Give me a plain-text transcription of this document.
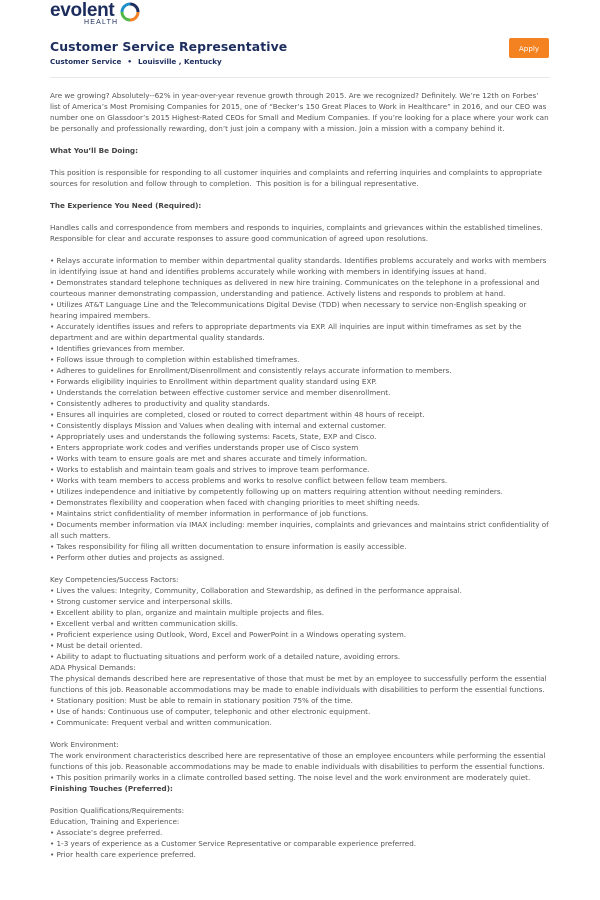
evolent
HEALTH
Customer Service Representative
Customer Service • Louisville , Kentucky
Apply

Are we growing? Absolutely--62% in year-over-year revenue growth through 2015. Are we recognized? Definitely. We’re 12th on Forbes’ list of America’s Most Promising Companies for 2015, one of “Becker’s 150 Great Places to Work in Healthcare” in 2016, and our CEO was number one on Glassdoor’s 2015 Highest-Rated CEOs for Small and Medium Companies. If you’re looking for a place where your work can be personally and professionally rewarding, don’t just join a company with a mission. Join a mission with a company behind it.

What You’ll Be Doing:

This position is responsible for responding to all customer inquiries and complaints and referring inquiries and complaints to appropriate sources for resolution and follow through to completion.  This position is for a bilingual representative.

The Experience You Need (Required):

Handles calls and correspondence from members and responds to inquiries, complaints and grievances within the established timelines. Responsible for clear and accurate responses to assure good communication of agreed upon resolutions.

• Relays accurate information to member within departmental quality standards. Identifies problems accurately and works with members in identifying issue at hand and identifies problems accurately while working with members in identifying issues at hand.

• Demonstrates standard telephone techniques as delivered in new hire training. Communicates on the telephone in a professional and courteous manner demonstrating compassion, understanding and patience. Actively listens and responds to problem at hand.

• Utilizes AT&T Language Line and the Telecommunications Digital Devise (TDD) when necessary to service non-English speaking or hearing impaired members.

• Accurately identifies issues and refers to appropriate departments via EXP. All inquiries are input within timeframes as set by the department and are within departmental quality standards.

• Identifies grievances from member.

• Follows issue through to completion within established timeframes.

• Adheres to guidelines for Enrollment/Disenrollment and consistently relays accurate information to members.

• Forwards eligibility inquiries to Enrollment within department quality standard using EXP.

• Understands the correlation between effective customer service and member disenrollment.

• Consistently adheres to productivity and quality standards.

• Ensures all inquiries are completed, closed or routed to correct department within 48 hours of receipt.

• Consistently displays Mission and Values when dealing with internal and external customer.

• Appropriately uses and understands the following systems: Facets, State, EXP and Cisco.

• Enters appropriate work codes and verifies understands proper use of Cisco system

• Works with team to ensure goals are met and shares accurate and timely information.

• Works to establish and maintain team goals and strives to improve team performance.

• Works with team members to access problems and works to resolve conflict between fellow team members.

• Utilizes independence and initiative by competently following up on matters requiring attention without needing reminders.

• Demonstrates flexibility and cooperation when faced with changing priorities to meet shifting needs.

• Maintains strict confidentiality of member information in performance of job functions.

• Documents member information via IMAX including: member inquiries, complaints and grievances and maintains strict confidentiality of all such matters.

• Takes responsibility for filing all written documentation to ensure information is easily accessible.

• Perform other duties and projects as assigned.

Key Competencies/Success Factors:

• Lives the values: Integrity, Community, Collaboration and Stewardship, as defined in the performance appraisal.

• Strong customer service and interpersonal skills.

• Excellent ability to plan, organize and maintain multiple projects and files.

• Excellent verbal and written communication skills.

• Proficient experience using Outlook, Word, Excel and PowerPoint in a Windows operating system.

• Must be detail oriented.

• Ability to adapt to fluctuating situations and perform work of a detailed nature, avoiding errors.

ADA Physical Demands:

The physical demands described here are representative of those that must be met by an employee to successfully perform the essential functions of this job. Reasonable accommodations may be made to enable individuals with disabilities to perform the essential functions.

• Stationary position: Must be able to remain in stationary position 75% of the time.

• Use of hands: Continuous use of computer, telephonic and other electronic equipment.

• Communicate: Frequent verbal and written communication.

Work Environment:

The work environment characteristics described here are representative of those an employee encounters while performing the essential functions of this job. Reasonable accommodations may be made to enable individuals with disabilities to perform the essential functions.

• This position primarily works in a climate controlled based setting. The noise level and the work environment are moderately quiet.

Finishing Touches (Preferred):

Position Qualifications/Requirements:

Education, Training and Experience:

• Associate’s degree preferred.

• 1-3 years of experience as a Customer Service Representative or comparable experience preferred.

• Prior health care experience preferred.
